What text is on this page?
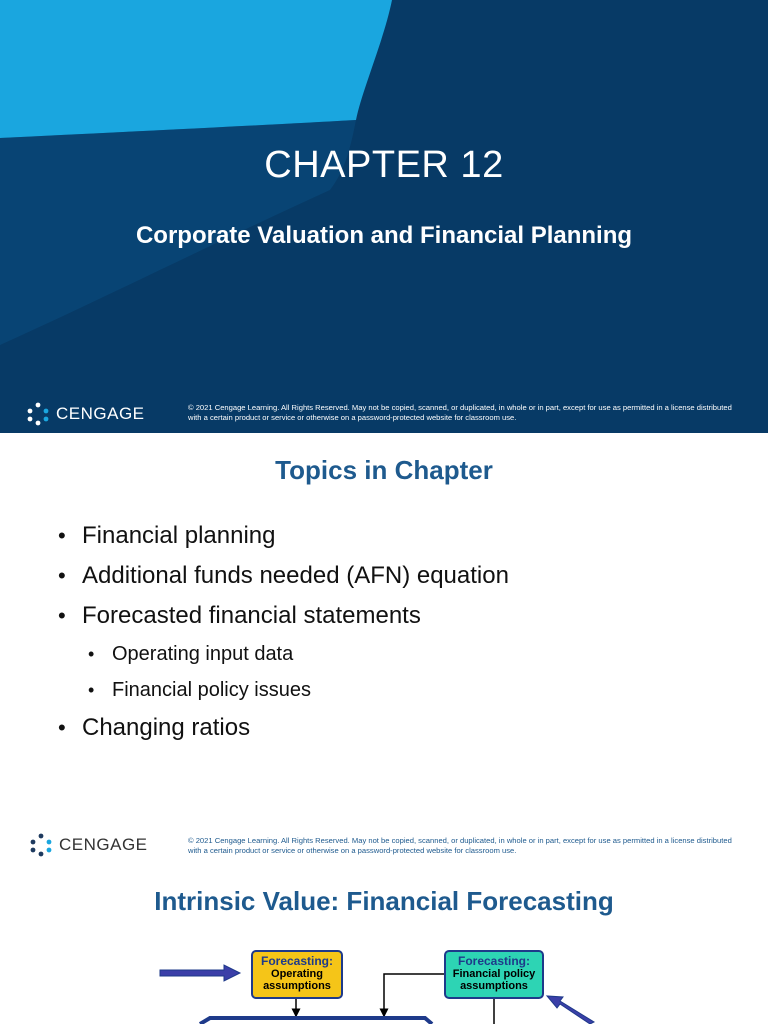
CHAPTER 12
Corporate Valuation and Financial Planning
CENGAGE	© 2021 Cengage Learning. All Rights Reserved. May not be copied, scanned, or duplicated, in whole or in part, except for use as permitted in a license distributed with a certain product or service or otherwise on a password-protected website for classroom use.
Topics in Chapter
• Financial planning
• Additional funds needed (AFN) equation
• Forecasted financial statements
• Operating input data
• Financial policy issues
• Changing ratios
CENGAGE	© 2021 Cengage Learning. All Rights Reserved. May not be copied, scanned, or duplicated, in whole or in part, except for use as permitted in a license distributed with a certain product or service or otherwise on a password-protected website for classroom use.
Intrinsic Value: Financial Forecasting
Forecasting:
Operating
assumptions
Forecasting:
Financial policy
assumptions
